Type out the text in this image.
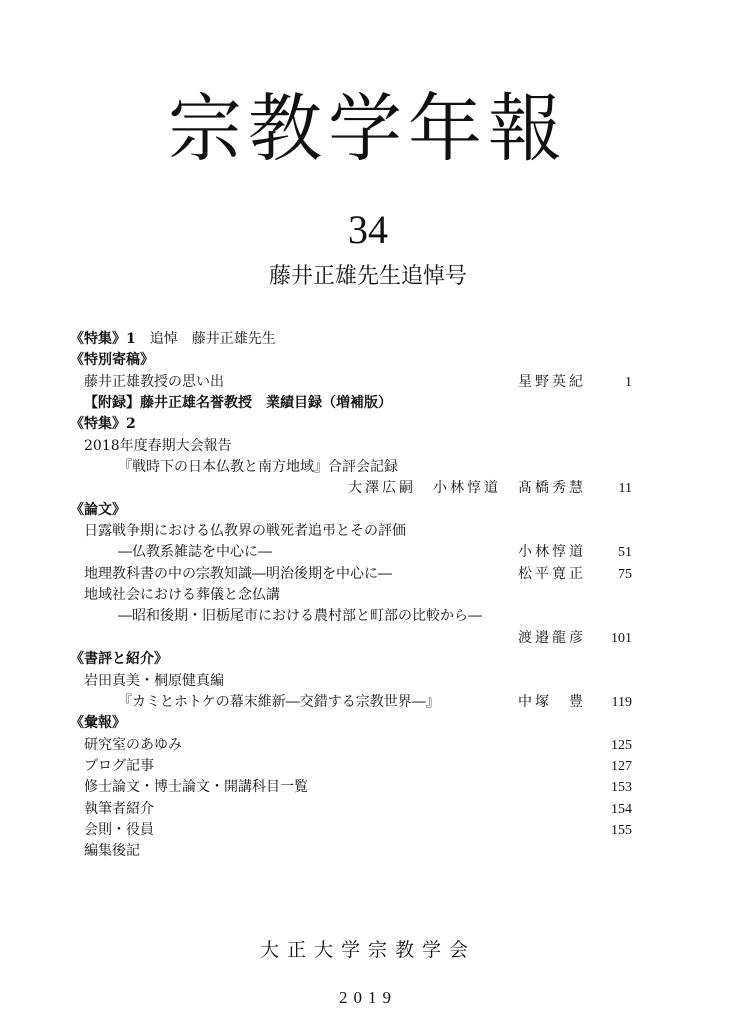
宗教学年報
34
藤井正雄先生追悼号
《特集》1　追悼　藤井正雄先生
《特別寄稿》
藤井正雄教授の思い出	星野英紀	1
【附録】藤井正雄名誉教授　業績目録（増補版）
《特集》2
2018年度春期大会報告
『戦時下の日本仏教と南方地域』合評会記録
大澤広嗣　小林惇道　髙橋秀慧 11
《論文》
日露戦争期における仏教界の戦死者追弔とその評価
―仏教系雑誌を中心に―	小林惇道 51
地理教科書の中の宗教知識―明治後期を中心に―	松平寛正 75
地域社会における葬儀と念仏講
―昭和後期・旧栃尾市における農村部と町部の比較から―
渡邉龍彦 101
《書評と紹介》
岩田真美・桐原健真編
『カミとホトケの幕末維新―交錯する宗教世界―』	中塚　豊 119
《彙報》
研究室のあゆみ	125
ブログ記事	127
修士論文・博士論文・開講科目一覧	153
執筆者紹介	154
会則・役員	155
編集後記
大正大学宗教学会
2019
